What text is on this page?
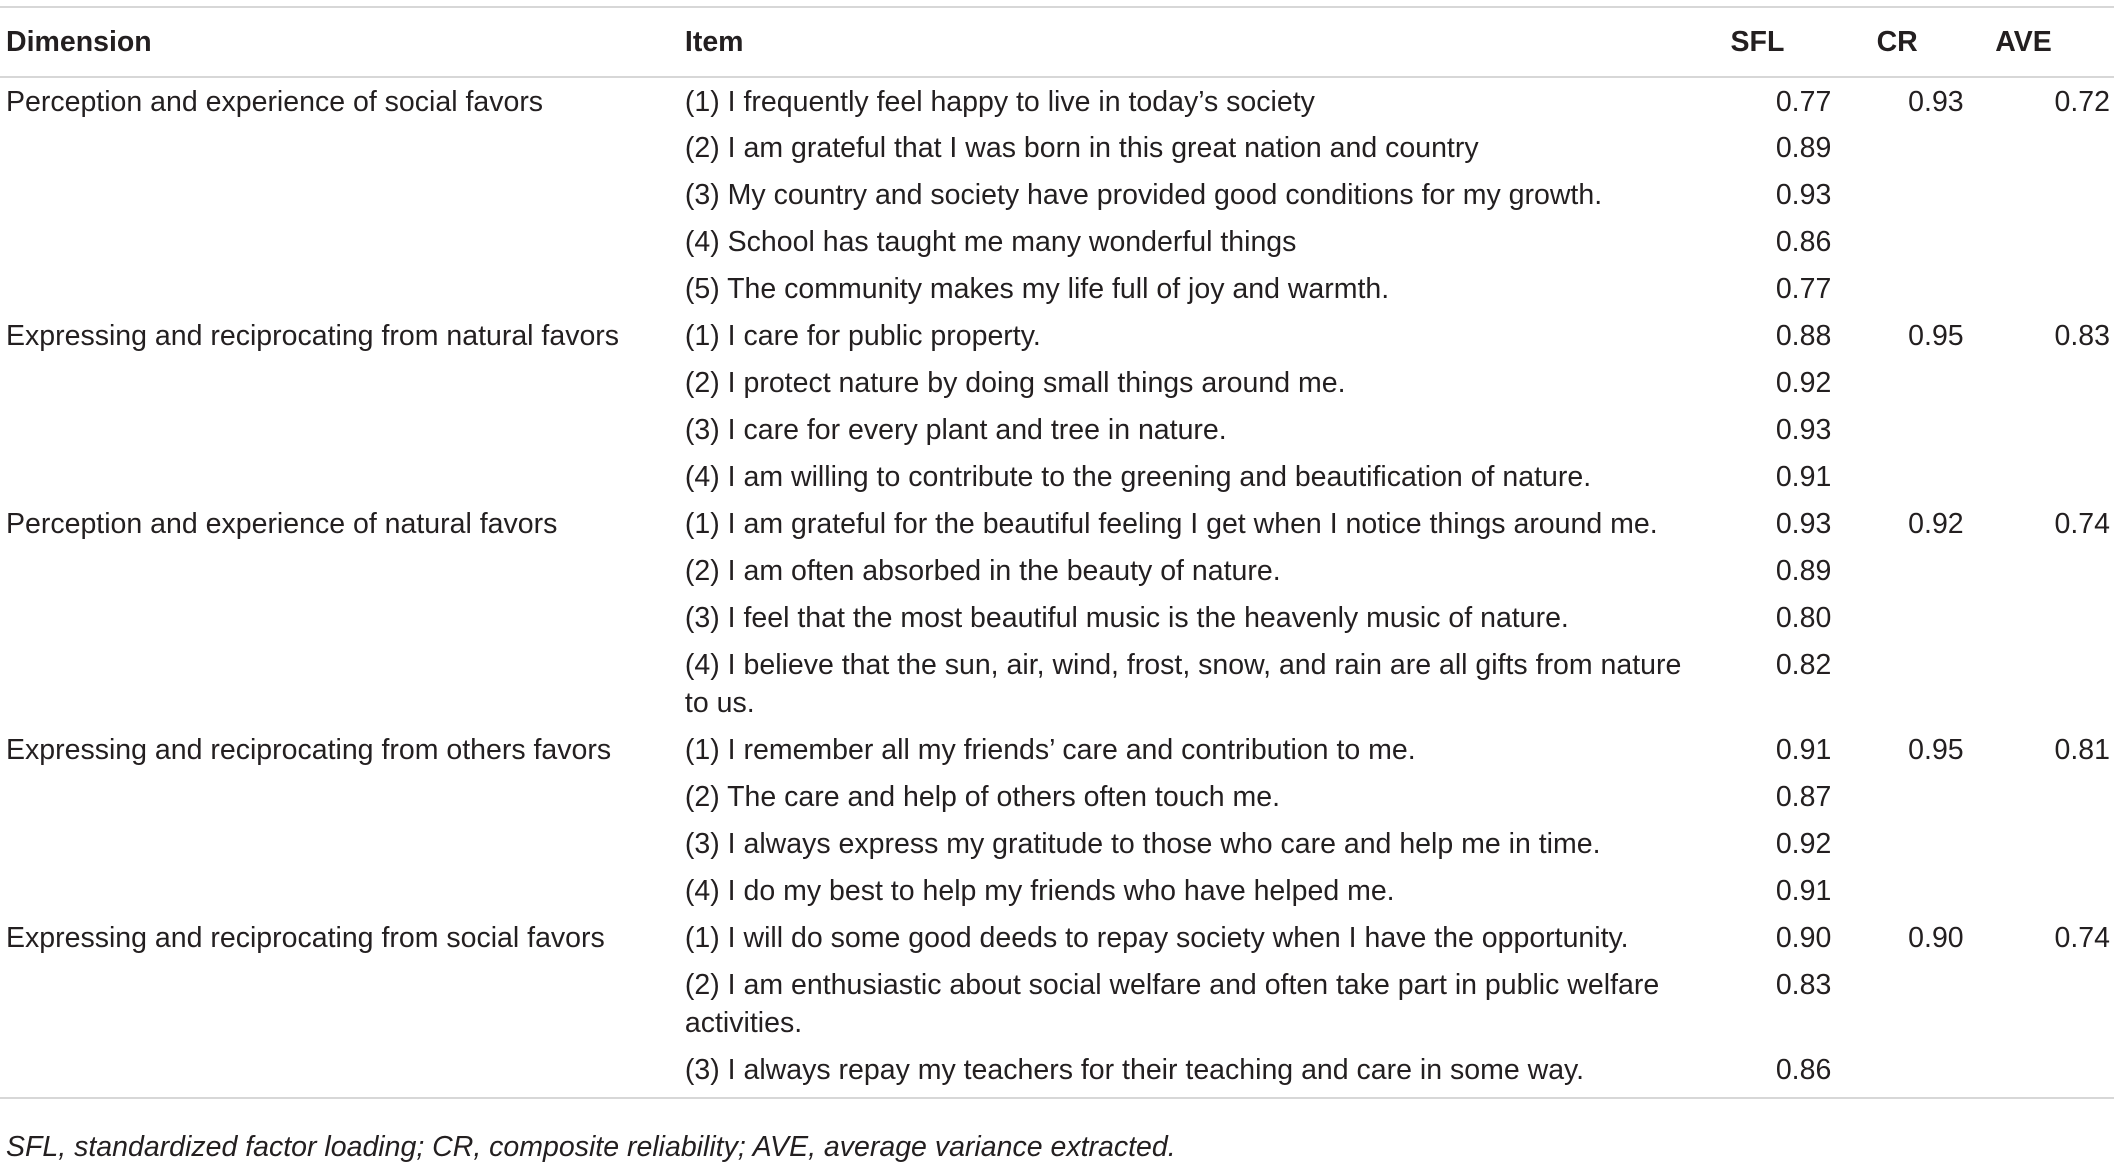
Dimension	Item	SFL	CR	AVE
Perception and experience of social favors	(1) I frequently feel happy to live in today’s society	0.77	0.93	0.72
	(2) I am grateful that I was born in this great nation and country	0.89		
	(3) My country and society have provided good conditions for my growth.	0.93		
	(4) School has taught me many wonderful things	0.86		
	(5) The community makes my life full of joy and warmth.	0.77		
Expressing and reciprocating from natural favors	(1) I care for public property.	0.88	0.95	0.83
	(2) I protect nature by doing small things around me.	0.92		
	(3) I care for every plant and tree in nature.	0.93		
	(4) I am willing to contribute to the greening and beautification of nature.	0.91		
Perception and experience of natural favors	(1) I am grateful for the beautiful feeling I get when I notice things around me.	0.93	0.92	0.74
	(2) I am often absorbed in the beauty of nature.	0.89		
	(3) I feel that the most beautiful music is the heavenly music of nature.	0.80		
	(4) I believe that the sun, air, wind, frost, snow, and rain are all gifts from nature to us.	0.82		
Expressing and reciprocating from others favors	(1) I remember all my friends’ care and contribution to me.	0.91	0.95	0.81
	(2) The care and help of others often touch me.	0.87		
	(3) I always express my gratitude to those who care and help me in time.	0.92		
	(4) I do my best to help my friends who have helped me.	0.91		
Expressing and reciprocating from social favors	(1) I will do some good deeds to repay society when I have the opportunity.	0.90	0.90	0.74
	(2) I am enthusiastic about social welfare and often take part in public welfare activities.	0.83		
	(3) I always repay my teachers for their teaching and care in some way.	0.86		
SFL, standardized factor loading; CR, composite reliability; AVE, average variance extracted.
